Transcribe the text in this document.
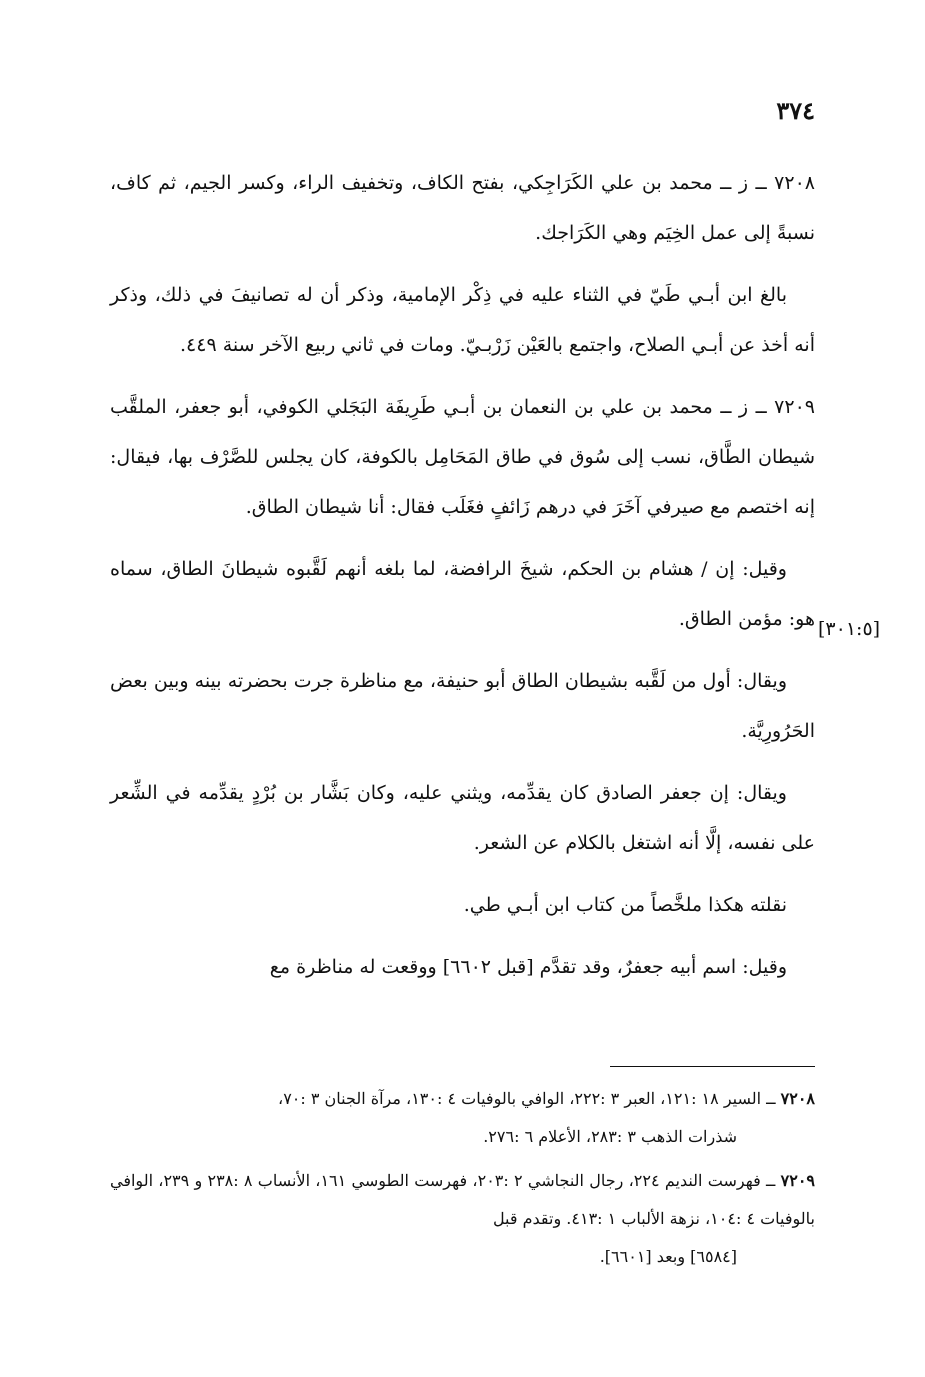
٣٧٤

٧٢٠٨ ــ ز ــ محمد بن علي الكَرَاجِكي، بفتح الكاف، وتخفيف الراء، وكسر الجيم، ثم كاف، نسبةً إلى عمل الخِيَم وهي الكَرَاجك.

بالغ ابن أبـي طَيّ في الثناء عليه في ذِكْر الإمامية، وذكر أن له تصانيفَ في ذلك، وذكر أنه أخذ عن أبـي الصلاح، واجتمع بالعَيْن زَرْبـيّ. ومات في ثاني ربيع الآخر سنة ٤٤٩.

٧٢٠٩ ــ ز ــ محمد بن علي بن النعمان بن أبـي طَرِيفَة البَجَلي الكوفي، أبو جعفر، الملقَّب شيطان الطَّاق، نسب إلى سُوق في طاق المَحَامِل بالكوفة، كان يجلس للصَّرْف بها، فيقال: إنه اختصم مع صيرفي آخَرَ في درهم زَائفٍ فغَلَب فقال: أنا شيطان الطاق.

وقيل: إن / هشام بن الحكم، شيخَ الرافضة، لما بلغه أنهم لَقَّبوه شيطانَ الطاق، سماه هو: مؤمن الطاق.

ويقال: أول من لَقَّبه بشيطان الطاق أبو حنيفة، مع مناظرة جرت بحضرته بينه وبين بعض الحَرُورِيَّة.

ويقال: إن جعفر الصادق كان يقدِّمه، ويثني عليه، وكان بَشَّار بن بُرْدٍ يقدِّمه في الشِّعر على نفسه، إلَّا أنه اشتغل بالكلام عن الشعر.

نقلته هكذا ملخَّصاً من كتاب ابن أبـي طي.

وقيل: اسم أبيه جعفرٌ، وقد تقدَّم [قبل ٦٦٠٢] ووقعت له مناظرة مع

[٣٠١:٥]
٧٢٠٨ ــ السير ١٨ :١٢١، العبر ٣ :٢٢٢، الوافي بالوفيات ٤ :١٣٠، مرآة الجنان ٣ :٧٠،
شذرات الذهب ٣ :٢٨٣، الأعلام ٦ :٢٧٦.
٧٢٠٩ ــ فهرست النديم ٢٢٤، رجال النجاشي ٢ :٢٠٣، فهرست الطوسي ١٦١، الأنساب ٨ :٢٣٨ و ٢٣٩، الوافي بالوفيات ٤ :١٠٤، نزهة الألباب ١ :٤١٣. وتقدم قبل
[٦٥٨٤] وبعد [٦٦٠١].
